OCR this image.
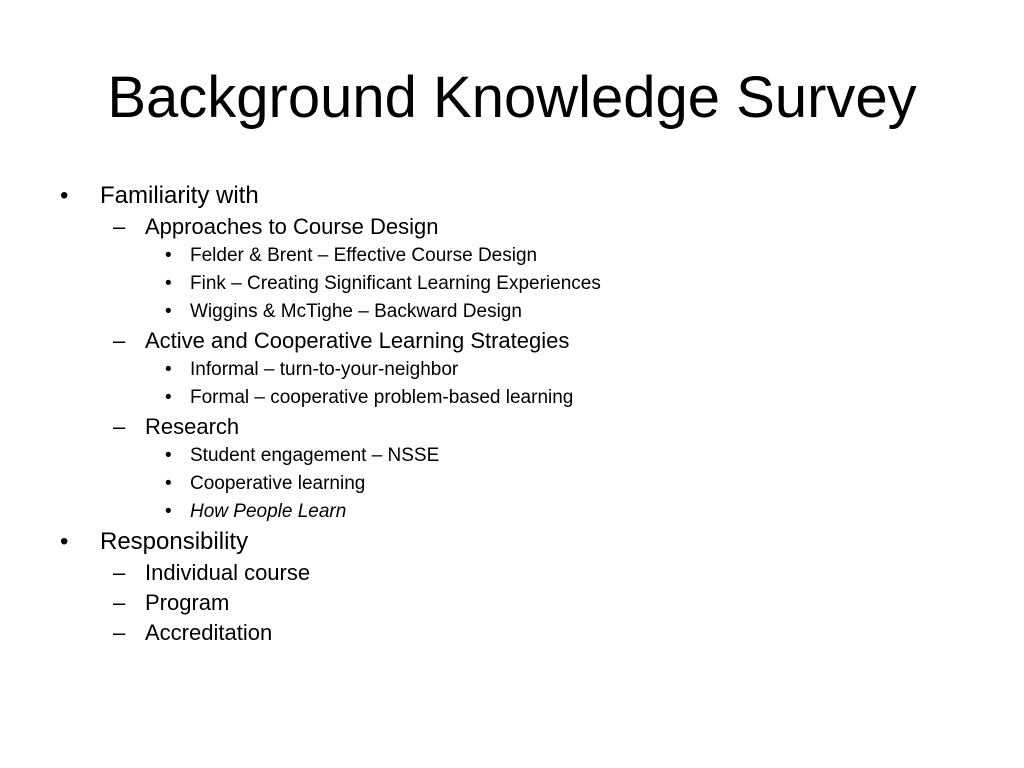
Background Knowledge Survey
• Familiarity with
– Approaches to Course Design
• Felder & Brent – Effective Course Design
• Fink – Creating Significant Learning Experiences
• Wiggins & McTighe – Backward Design
– Active and Cooperative Learning Strategies
• Informal – turn-to-your-neighbor
• Formal – cooperative problem-based learning
– Research
• Student engagement – NSSE
• Cooperative learning
• How People Learn
• Responsibility
– Individual course
– Program
– Accreditation
